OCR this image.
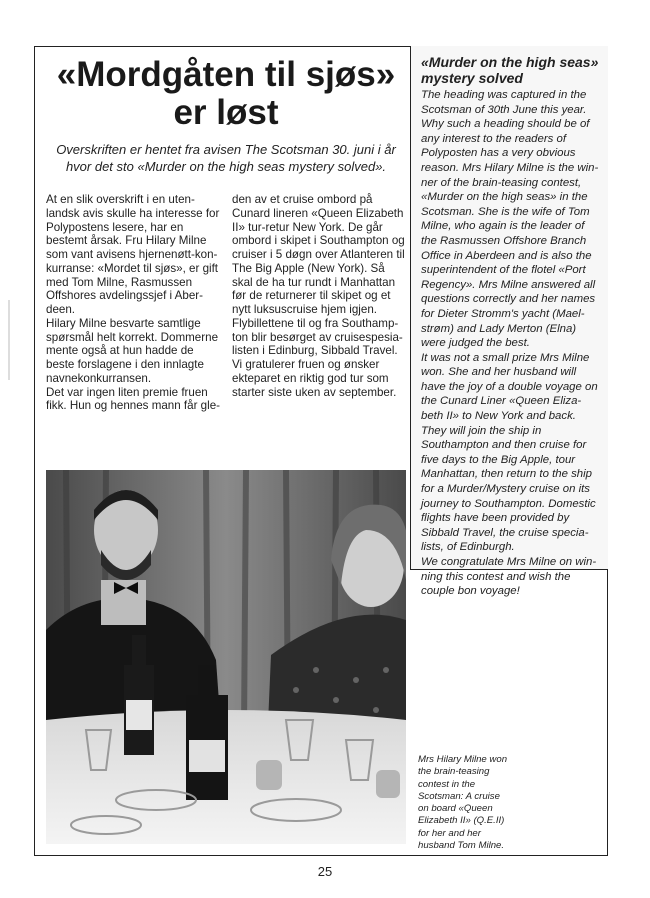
«Mordgåten til sjøs»
er løst

Overskriften er hentet fra avisen The Scotsman 30. juni i år hvor det sto «Murder on the high seas mystery solved».

At en slik overskrift i en uten-
landsk avis skulle ha interesse for
Polypostens lesere, har en
bestemt årsak. Fru Hilary Milne
som vant avisens hjernenøtt-kon-
kurranse: «Mordet til sjøs», er gift
med Tom Milne, Rasmussen
Offshores avdelingssjef i Aber-
deen.
Hilary Milne besvarte samtlige
spørsmål helt korrekt. Dommerne
mente også at hun hadde de
beste forslagene i den innlagte
navnekonkurransen.
Det var ingen liten premie fruen
fikk. Hun og hennes mann får gle-

den av et cruise ombord på
Cunard lineren «Queen Elizabeth
II» tur-retur New York. De går
ombord i skipet i Southampton og
cruiser i 5 døgn over Atlanteren til
The Big Apple (New York). Så
skal de ha tur rundt i Manhattan
før de returnerer til skipet og et
nytt luksuscruise hjem igjen.
Flybillettene til og fra Southamp-
ton blir besørget av cruisespesia-
listen i Edinburg, Sibbald Travel.
Vi gratulerer fruen og ønsker
ekteparet en riktig god tur som
starter siste uken av september.

«Murder on the high seas» mystery solved

The heading was captured in the
Scotsman of 30th June this year.
Why such a heading should be of
any interest to the readers of
Polyposten has a very obvious
reason. Mrs Hilary Milne is the win-
ner of the brain-teasing contest,
«Murder on the high seas» in the
Scotsman. She is the wife of Tom
Milne, who again is the leader of
the Rasmussen Offshore Branch
Office in Aberdeen and is also the
superintendent of the flotel «Port
Regency». Mrs Milne answered all
questions correctly and her names
for Dieter Stromm's yacht (Mael-
strøm) and Lady Merton (Elna)
were judged the best.
It was not a small prize Mrs Milne
won. She and her husband will
have the joy of a double voyage on
the Cunard Liner «Queen Eliza-
beth II» to New York and back.
They will join the ship in
Southampton and then cruise for
five days to the Big Apple, tour
Manhattan, then return to the ship
for a Murder/Mystery cruise on its
journey to Southampton. Domestic
flights have been provided by
Sibbald Travel, the cruise specia-
lists, of Edinburgh.
We congratulate Mrs Milne on win-
ning this contest and wish the
couple bon voyage!

Mrs Hilary Milne won
the brain-teasing
contest in the
Scotsman: A cruise
on board «Queen
Elizabeth II» (Q.E.II)
for her and her
husband Tom Milne.

25
